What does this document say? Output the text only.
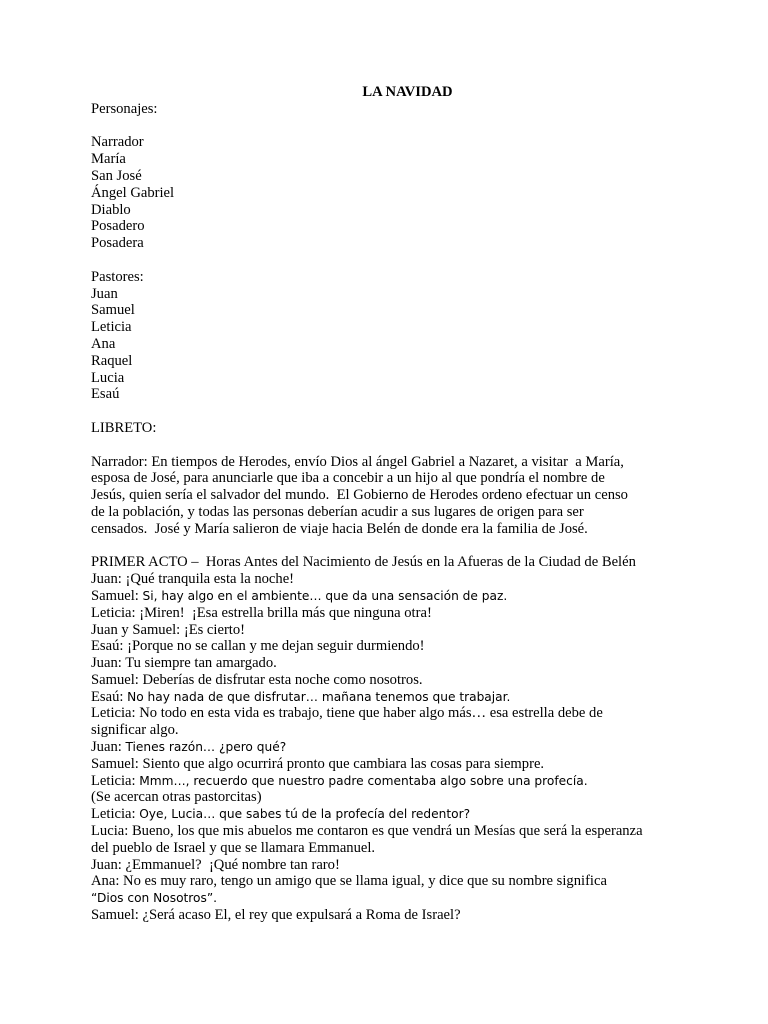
LA NAVIDAD
Personajes:
Narrador
María
San José
Ángel Gabriel
Diablo
Posadero
Posadera
Pastores:
Juan
Samuel
Leticia
Ana
Raquel
Lucia
Esaú
LIBRETO:
Narrador: En tiempos de Herodes, envío Dios al ángel Gabriel a Nazaret, a visitar  a María,
esposa de José, para anunciarle que iba a concebir a un hijo al que pondría el nombre de
Jesús, quien sería el salvador del mundo.  El Gobierno de Herodes ordeno efectuar un censo
de la población, y todas las personas deberían acudir a sus lugares de origen para ser
censados.  José y María salieron de viaje hacia Belén de donde era la familia de José.
PRIMER ACTO –  Horas Antes del Nacimiento de Jesús en la Afueras de la Ciudad de Belén
Juan: ¡Qué tranquila esta la noche!
Samuel: Si, hay algo en el ambiente… que da una sensación de paz.
Leticia: ¡Miren!  ¡Esa estrella brilla más que ninguna otra!
Juan y Samuel: ¡Es cierto!
Esaú: ¡Porque no se callan y me dejan seguir durmiendo!
Juan: Tu siempre tan amargado.
Samuel: Deberías de disfrutar esta noche como nosotros.
Esaú: No hay nada de que disfrutar… mañana tenemos que trabajar.
Leticia: No todo en esta vida es trabajo, tiene que haber algo más… esa estrella debe de
significar algo.
Juan: Tienes razón… ¿pero qué?
Samuel: Siento que algo ocurrirá pronto que cambiara las cosas para siempre.
Leticia: Mmm…, recuerdo que nuestro padre comentaba algo sobre una profecía.
(Se acercan otras pastorcitas)
Leticia: Oye, Lucia… que sabes tú de la profecía del redentor?
Lucia: Bueno, los que mis abuelos me contaron es que vendrá un Mesías que será la esperanza
del pueblo de Israel y que se llamara Emmanuel.
Juan: ¿Emmanuel?  ¡Qué nombre tan raro!
Ana: No es muy raro, tengo un amigo que se llama igual, y dice que su nombre significa
“Dios con Nosotros”.
Samuel: ¿Será acaso El, el rey que expulsará a Roma de Israel?
